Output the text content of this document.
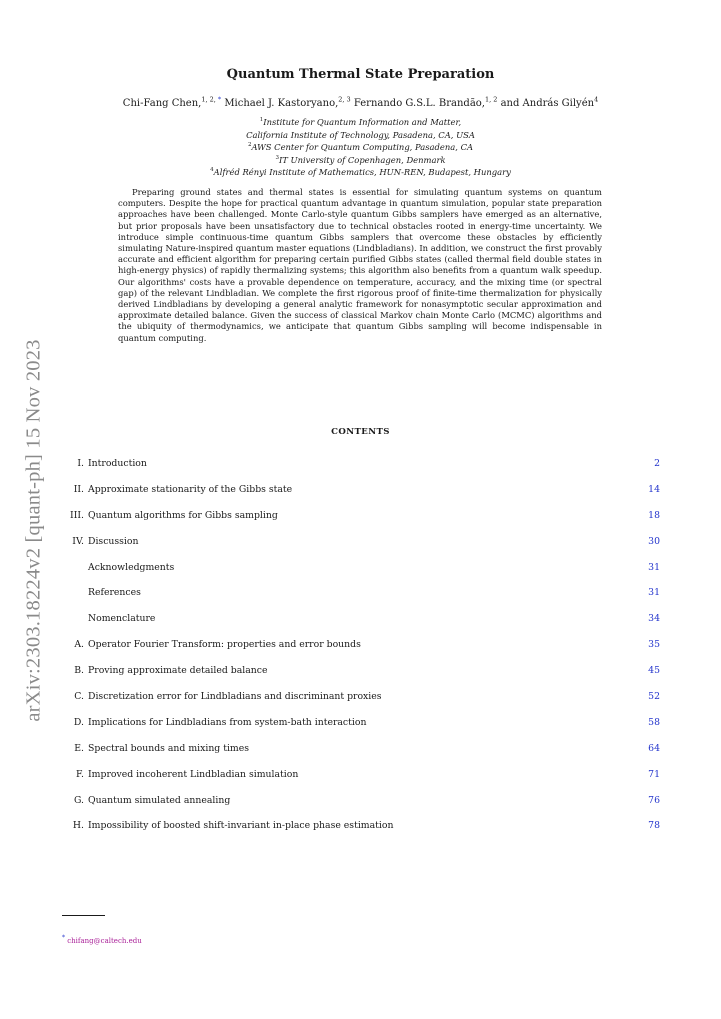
arXiv:2303.18224v2 [quant-ph] 15 Nov 2023
Quantum Thermal State Preparation
Chi-Fang Chen,$^{1, 2,}$ * Michael J. Kastoryano,$^{2, 3}$ Fernando G.S.L. Brandão,$^{1, 2}$ and András Gilyén$^4$
$^1$Institute for Quantum Information and Matter,
California Institute of Technology, Pasadena, CA, USA
$^2$AWS Center for Quantum Computing, Pasadena, CA
$^3$IT University of Copenhagen, Denmark
$^4$Alfréd Rényi Institute of Mathematics, HUN-REN, Budapest, Hungary

Preparing ground states and thermal states is essential for simulating quantum systems on quantum computers. Despite the hope for practical quantum advantage in quantum simulation, popular state preparation approaches have been challenged. Monte Carlo-style quantum Gibbs samplers have emerged as an alternative, but prior proposals have been unsatisfactory due to technical obstacles rooted in energy-time uncertainty. We introduce simple continuous-time quantum Gibbs samplers that overcome these obstacles by efficiently simulating Nature-inspired quantum master equations (Lindbladians). In addition, we construct the first provably accurate and efficient algorithm for preparing certain purified Gibbs states (called thermal field double states in high-energy physics) of rapidly thermalizing systems; this algorithm also benefits from a quantum walk speedup. Our algorithms' costs have a provable dependence on temperature, accuracy, and the mixing time (or spectral gap) of the relevant Lindbladian. We complete the first rigorous proof of finite-time thermalization for physically derived Lindbladians by developing a general analytic framework for nonasymptotic secular approximation and approximate detailed balance. Given the success of classical Markov chain Monte Carlo (MCMC) algorithms and the ubiquity of thermodynamics, we anticipate that quantum Gibbs sampling will become indispensable in quantum computing.

CONTENTS
I. Introduction	2
II. Approximate stationarity of the Gibbs state	14
III. Quantum algorithms for Gibbs sampling	18
IV. Discussion	30
Acknowledgments	31
References	31
Nomenclature	34
A. Operator Fourier Transform: properties and error bounds	35
B. Proving approximate detailed balance	45
C. Discretization error for Lindbladians and discriminant proxies	52
D. Implications for Lindbladians from system-bath interaction	58
E. Spectral bounds and mixing times	64
F. Improved incoherent Lindbladian simulation	71
G. Quantum simulated annealing	76
H. Impossibility of boosted shift-invariant in-place phase estimation	78
* chifang@caltech.edu
